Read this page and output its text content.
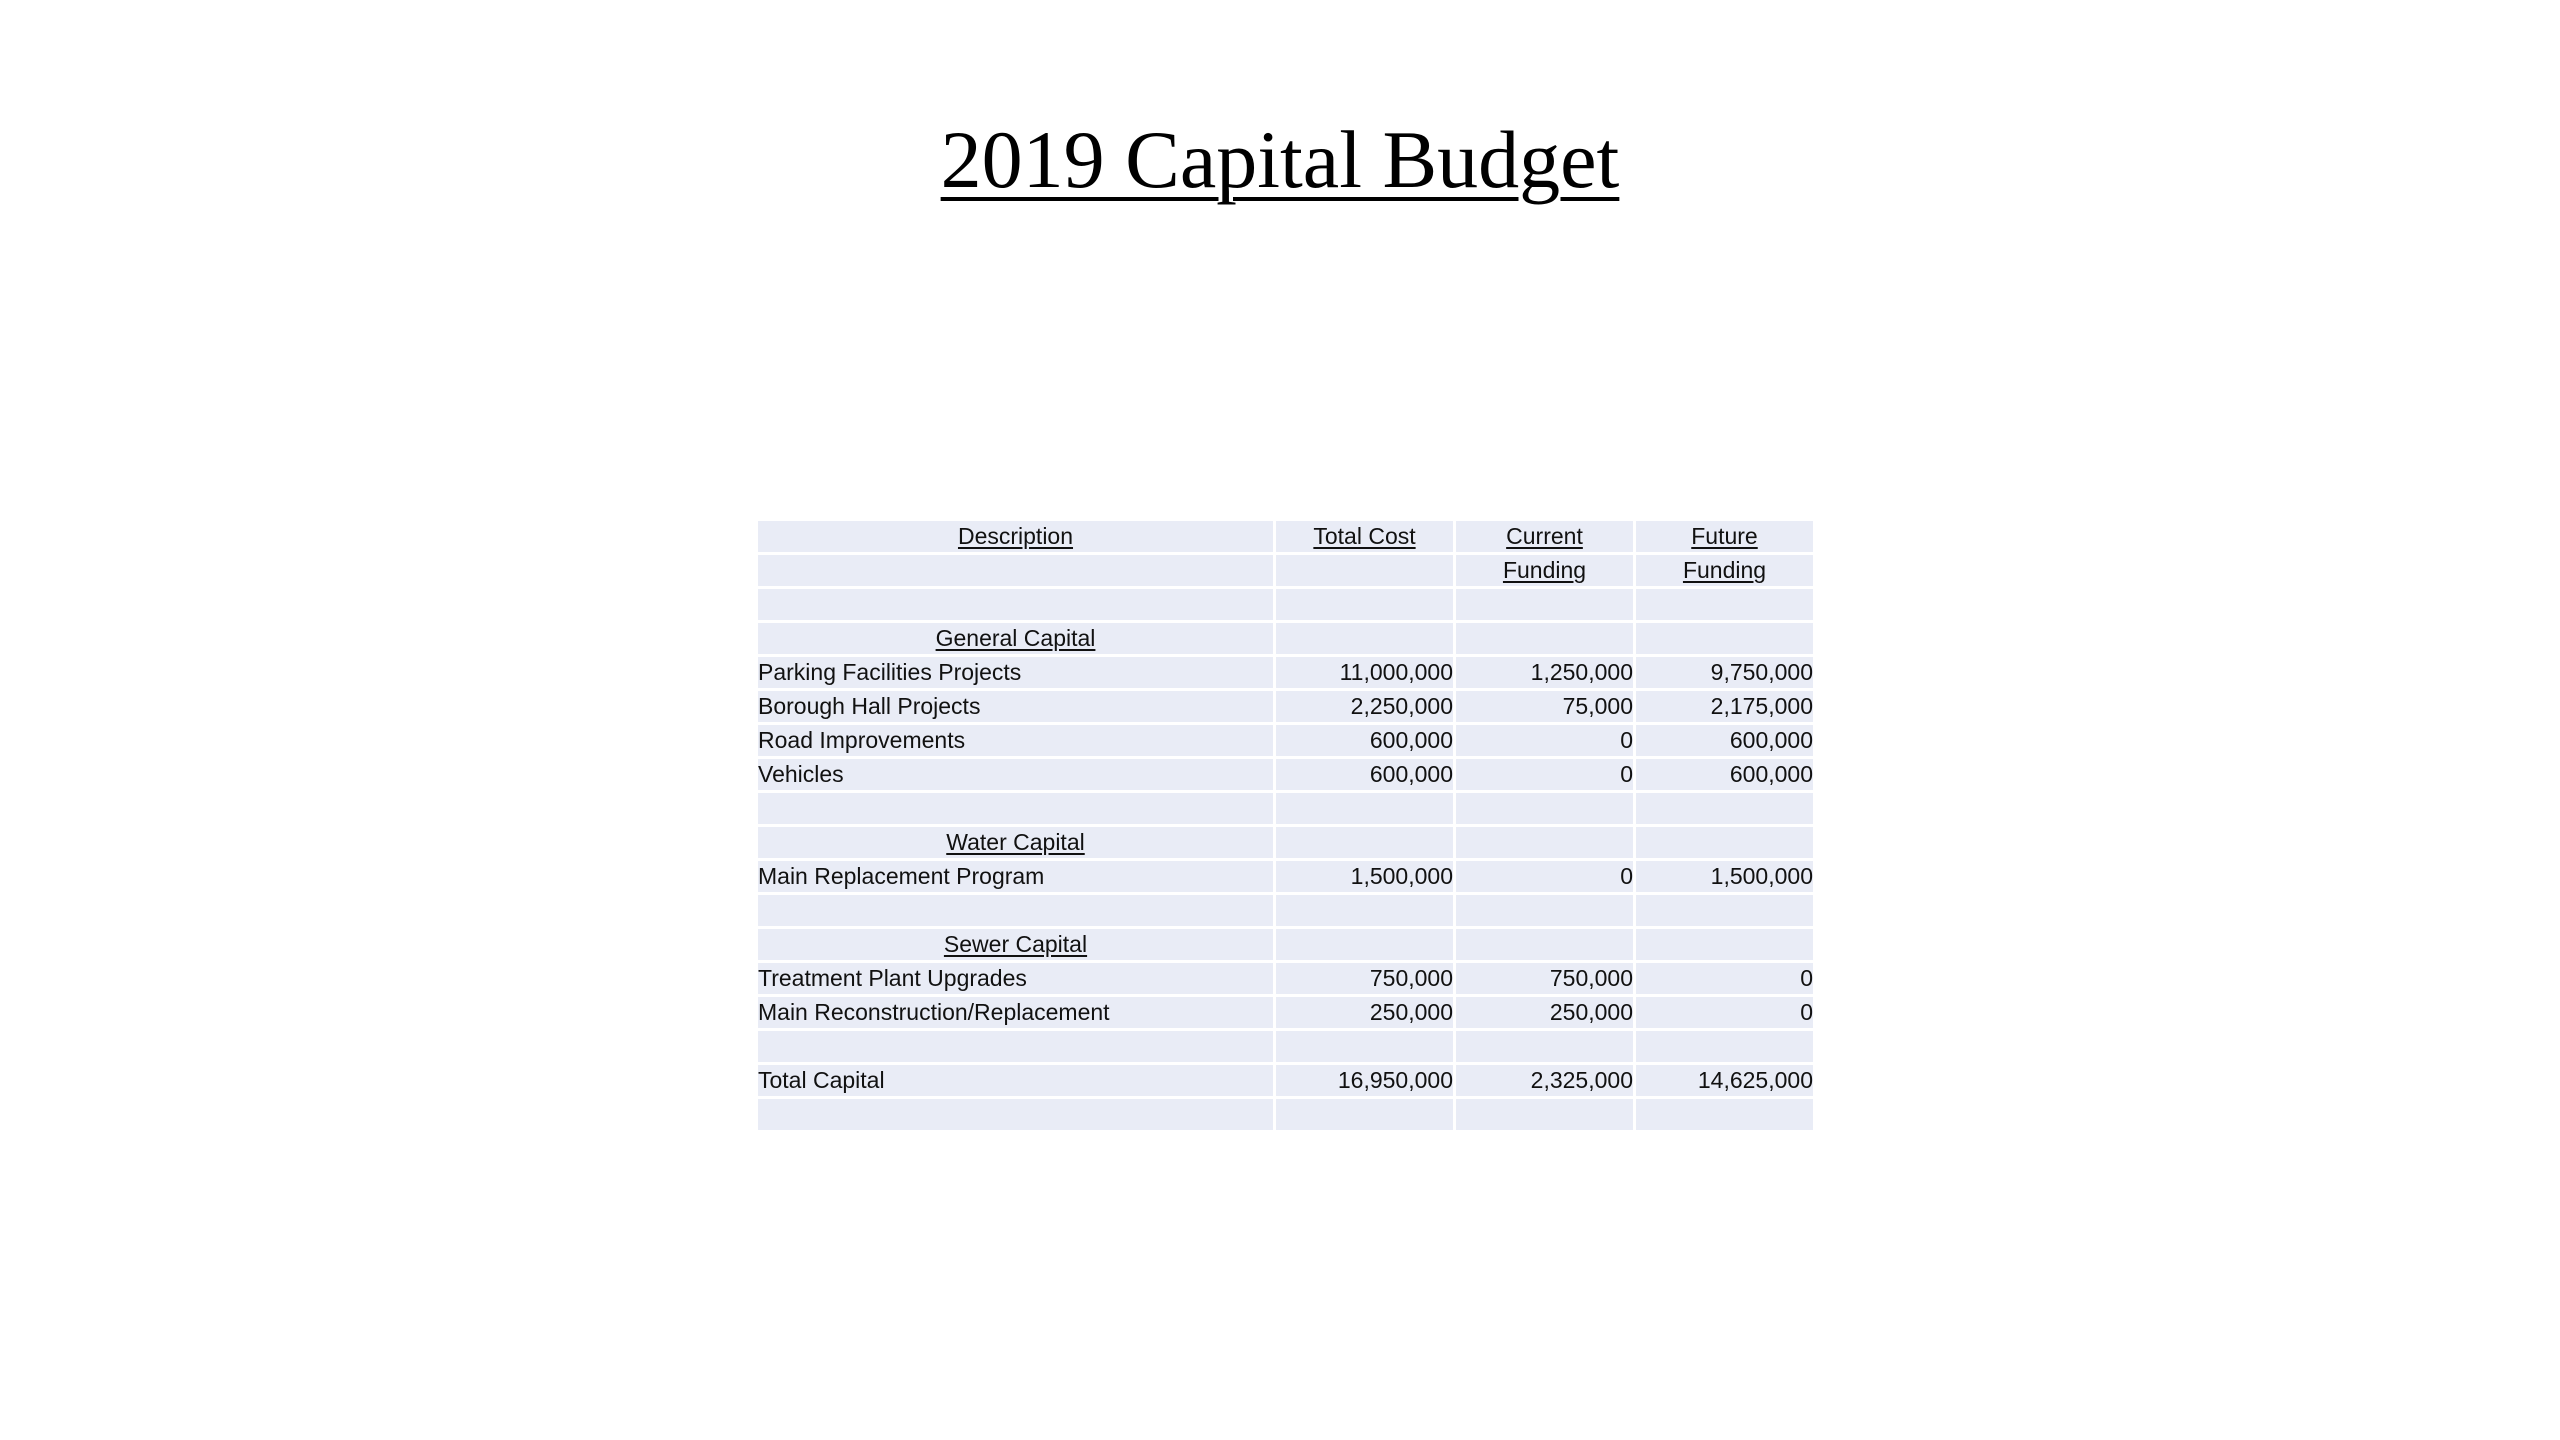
2019 Capital Budget
Description	Total Cost	Current	Future
		Funding	Funding

General Capital			
Parking Facilities Projects	11,000,000	1,250,000	9,750,000
Borough Hall Projects	2,250,000	75,000	2,175,000
Road Improvements	600,000	0	600,000
Vehicles	600,000	0	600,000

Water Capital			
Main Replacement Program	1,500,000	0	1,500,000

Sewer Capital			
Treatment Plant Upgrades	750,000	750,000	0
Main Reconstruction/Replacement	250,000	250,000	0

Total Capital	16,950,000	2,325,000	14,625,000
